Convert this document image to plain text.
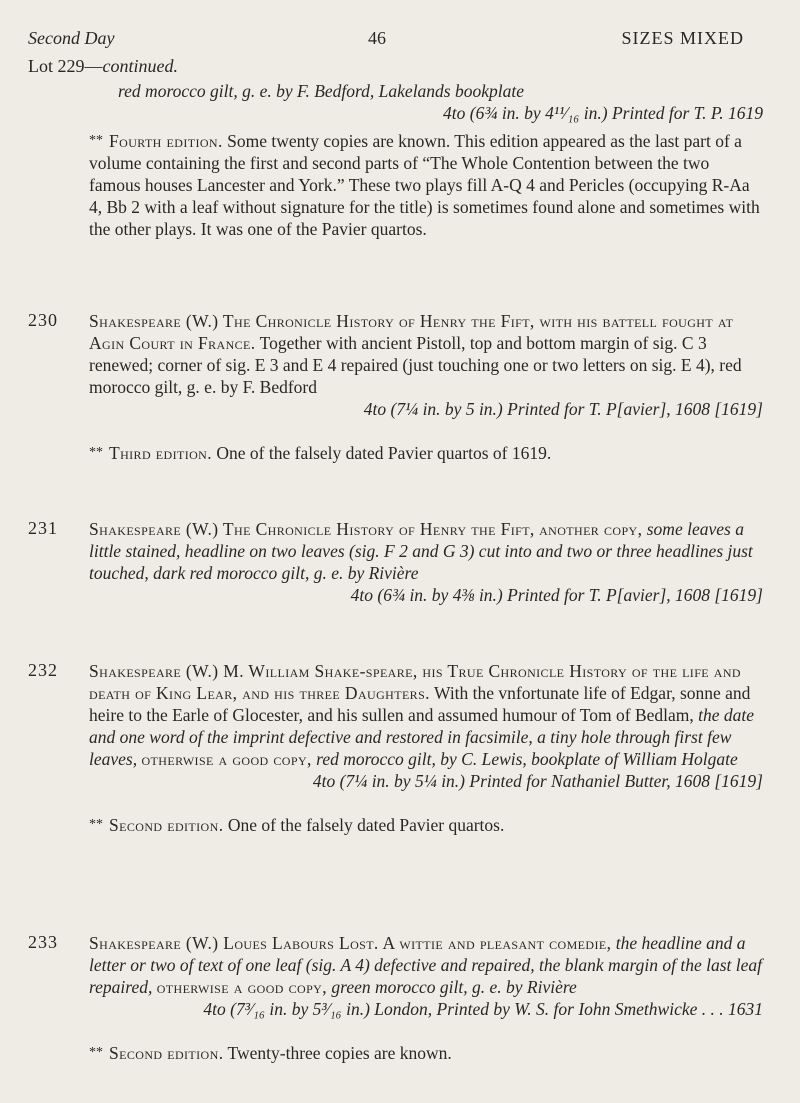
Second Day	46	SIZES MIXED
Lot 229—continued.

red morocco gilt, g. e. by F. Bedford, Lakelands bookplate

4to (6¾ in. by 4¹¹⁄₁₆ in.) Printed for T. P. 1619

** Fourth edition. Some twenty copies are known. This edition appeared as the last part of a volume containing the first and second parts of “The Whole Contention between the two famous houses Lancester and York.” These two plays fill A-Q 4 and Pericles (occupying R-Aa 4, Bb 2 with a leaf without signature for the title) is sometimes found alone and sometimes with the other plays. It was one of the Pavier quartos.

230 Shakespeare (W.) The Chronicle History of Henry the Fift, with his battell fought at Agin Court in France. Together with ancient Pistoll, top and bottom margin of sig. C 3 renewed; corner of sig. E 3 and E 4 repaired (just touching one or two letters on sig. E 4), red morocco gilt, g. e. by F. Bedford

4to (7¼ in. by 5 in.) Printed for T. P[avier], 1608 [1619]

** Third edition. One of the falsely dated Pavier quartos of 1619.

231 Shakespeare (W.) The Chronicle History of Henry the Fift, another copy, some leaves a little stained, headline on two leaves (sig. F 2 and G 3) cut into and two or three headlines just touched, dark red morocco gilt, g. e. by Rivière

4to (6¾ in. by 4⅜ in.) Printed for T. P[avier], 1608 [1619]

232 Shakespeare (W.) M. William Shake-speare, his True Chronicle History of the life and death of King Lear, and his three Daughters. With the vnfortunate life of Edgar, sonne and heire to the Earle of Glocester, and his sullen and assumed humour of Tom of Bedlam, the date and one word of the imprint defective and restored in facsimile, a tiny hole through first few leaves, otherwise a good copy, red morocco gilt, by C. Lewis, bookplate of William Holgate

4to (7¼ in. by 5¼ in.) Printed for Nathaniel Butter, 1608 [1619]

** Second edition. One of the falsely dated Pavier quartos.

233 Shakespeare (W.) Loues Labours Lost. A wittie and pleasant comedie, the headline and a letter or two of text of one leaf (sig. A 4) defective and repaired, the blank margin of the last leaf repaired, otherwise a good copy, green morocco gilt, g. e. by Rivière

4to (7³⁄₁₆ in. by 5³⁄₁₆ in.) London, Printed by W. S. for Iohn Smethwicke . . . 1631

** Second edition. Twenty-three copies are known.
